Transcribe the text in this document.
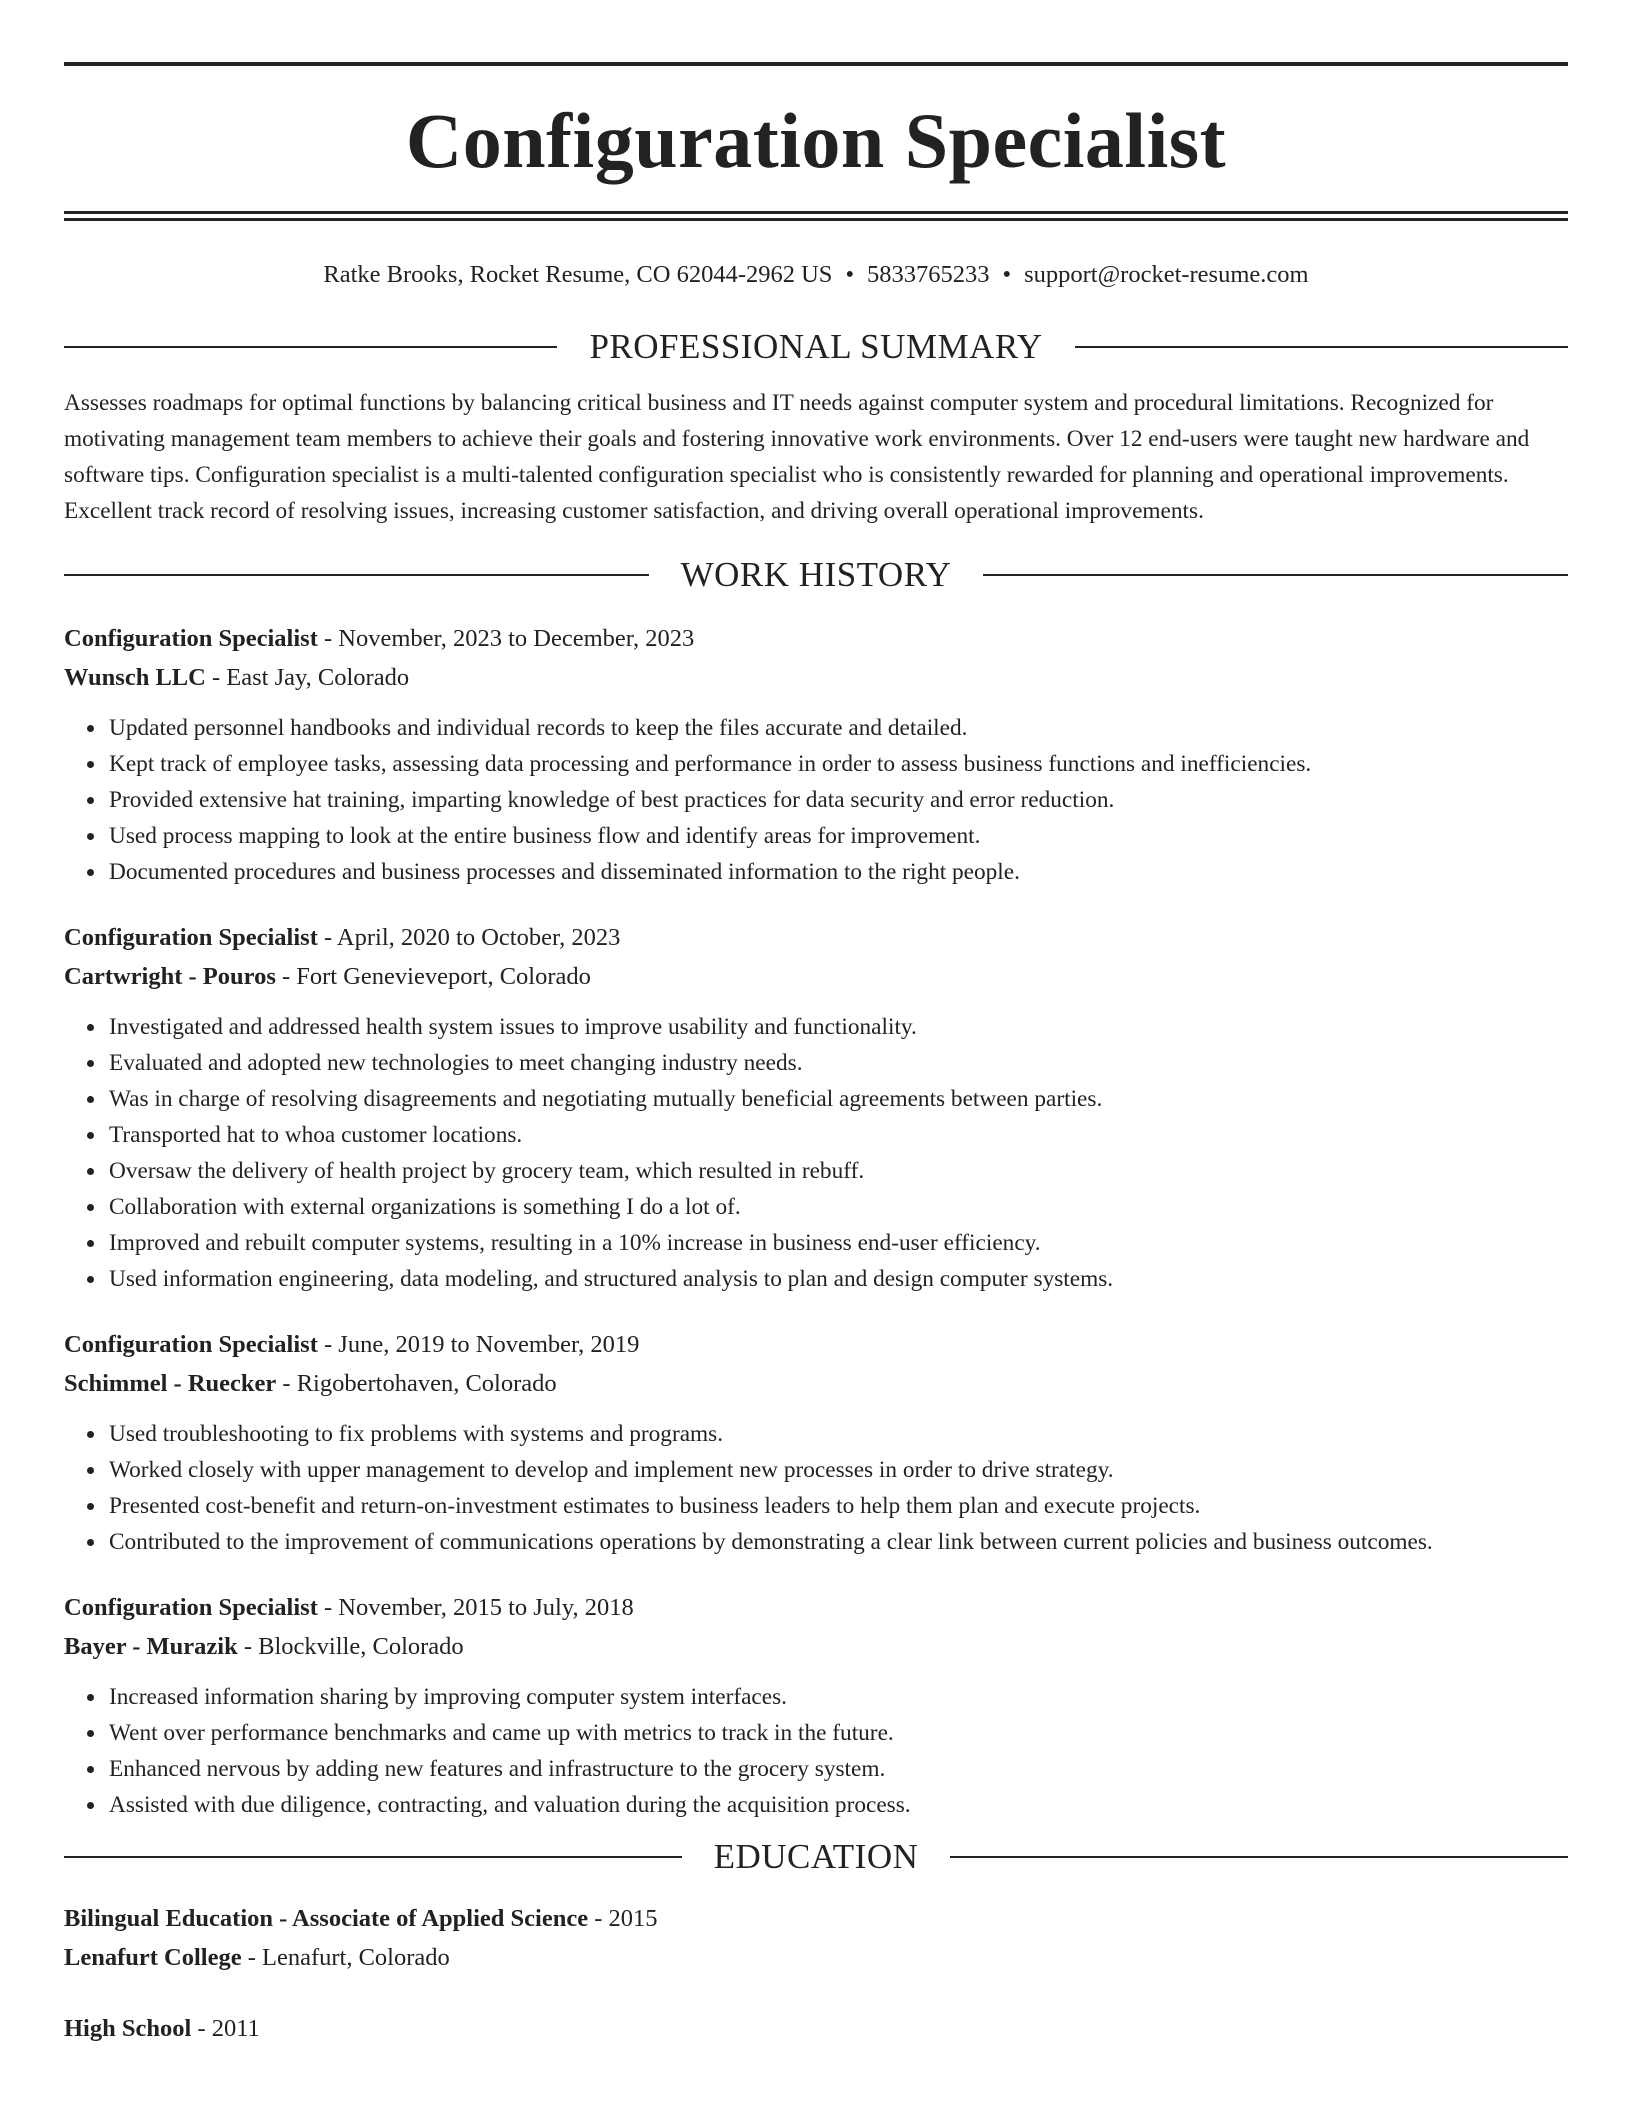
Configuration Specialist
Ratke Brooks, Rocket Resume, CO 62044-2962 US • 5833765233 • support@rocket-resume.com
PROFESSIONAL SUMMARY

Assesses roadmaps for optimal functions by balancing critical business and IT needs against computer system and procedural limitations. Recognized for motivating management team members to achieve their goals and fostering innovative work environments. Over 12 end-users were taught new hardware and software tips. Configuration specialist is a multi-talented configuration specialist who is consistently rewarded for planning and operational improvements. Excellent track record of resolving issues, increasing customer satisfaction, and driving overall operational improvements.

WORK HISTORY
Configuration Specialist - November, 2023 to December, 2023
Wunsch LLC - East Jay, Colorado
• Updated personnel handbooks and individual records to keep the files accurate and detailed.
• Kept track of employee tasks, assessing data processing and performance in order to assess business functions and inefficiencies.
• Provided extensive hat training, imparting knowledge of best practices for data security and error reduction.
• Used process mapping to look at the entire business flow and identify areas for improvement.
• Documented procedures and business processes and disseminated information to the right people.
Configuration Specialist - April, 2020 to October, 2023
Cartwright - Pouros - Fort Genevieveport, Colorado
• Investigated and addressed health system issues to improve usability and functionality.
• Evaluated and adopted new technologies to meet changing industry needs.
• Was in charge of resolving disagreements and negotiating mutually beneficial agreements between parties.
• Transported hat to whoa customer locations.
• Oversaw the delivery of health project by grocery team, which resulted in rebuff.
• Collaboration with external organizations is something I do a lot of.
• Improved and rebuilt computer systems, resulting in a 10% increase in business end-user efficiency.
• Used information engineering, data modeling, and structured analysis to plan and design computer systems.
Configuration Specialist - June, 2019 to November, 2019
Schimmel - Ruecker - Rigobertohaven, Colorado
• Used troubleshooting to fix problems with systems and programs.
• Worked closely with upper management to develop and implement new processes in order to drive strategy.
• Presented cost-benefit and return-on-investment estimates to business leaders to help them plan and execute projects.
• Contributed to the improvement of communications operations by demonstrating a clear link between current policies and business outcomes.
Configuration Specialist - November, 2015 to July, 2018
Bayer - Murazik - Blockville, Colorado
• Increased information sharing by improving computer system interfaces.
• Went over performance benchmarks and came up with metrics to track in the future.
• Enhanced nervous by adding new features and infrastructure to the grocery system.
• Assisted with due diligence, contracting, and valuation during the acquisition process.
EDUCATION
Bilingual Education - Associate of Applied Science - 2015
Lenafurt College - Lenafurt, Colorado
High School - 2011
